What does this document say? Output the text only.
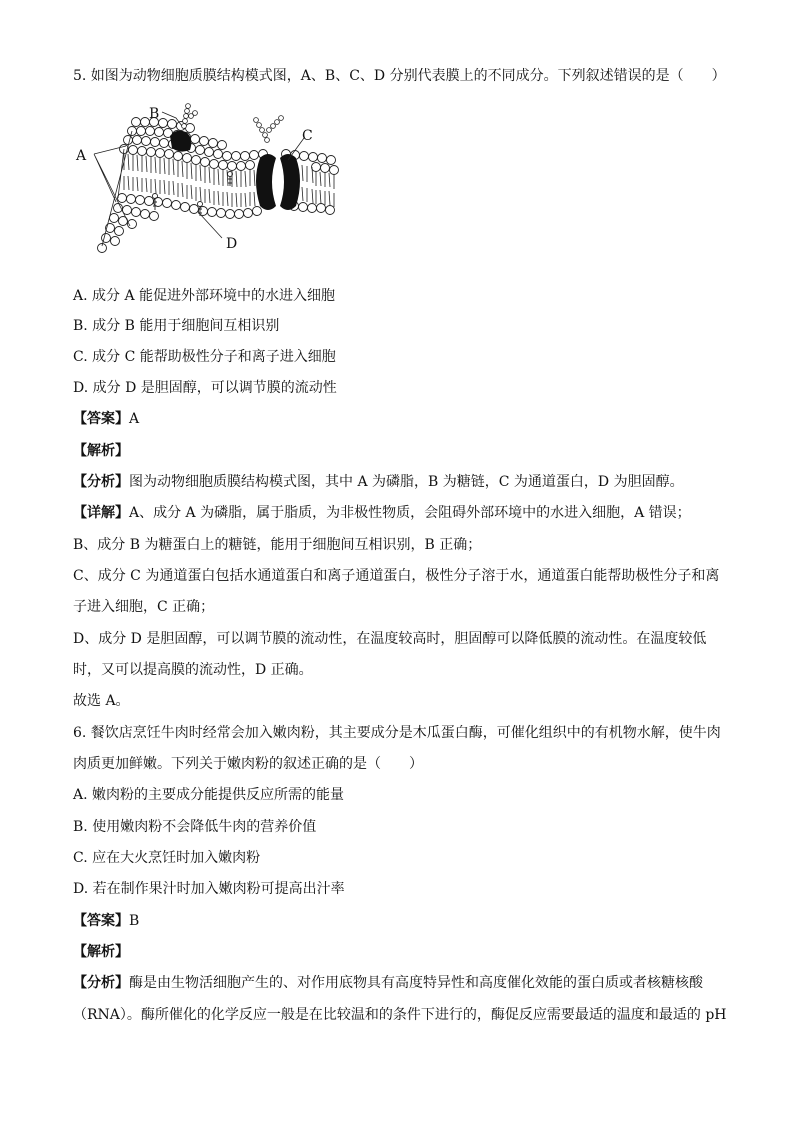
5. 如图为动物细胞质膜结构模式图，A、B、C、D 分别代表膜上的不同成分。下列叙述错误的是（　　）
A
B
C
D
A. 成分 A 能促进外部环境中的水进入细胞
B. 成分 B 能用于细胞间互相识别
C. 成分 C 能帮助极性分子和离子进入细胞
D. 成分 D 是胆固醇，可以调节膜的流动性
【答案】A
【解析】
【分析】图为动物细胞质膜结构模式图，其中 A 为磷脂，B 为糖链，C 为通道蛋白，D 为胆固醇。
【详解】A、成分 A 为磷脂，属于脂质，为非极性物质，会阻碍外部环境中的水进入细胞，A 错误；
B、成分 B 为糖蛋白上的糖链，能用于细胞间互相识别，B 正确；
C、成分 C 为通道蛋白包括水通道蛋白和离子通道蛋白，极性分子溶于水，通道蛋白能帮助极性分子和离
子进入细胞，C 正确；
D、成分 D 是胆固醇，可以调节膜的流动性，在温度较高时，胆固醇可以降低膜的流动性。在温度较低
时，又可以提高膜的流动性，D 正确。
故选 A。
6. 餐饮店烹饪牛肉时经常会加入嫩肉粉，其主要成分是木瓜蛋白酶，可催化组织中的有机物水解，使牛肉
肉质更加鲜嫩。下列关于嫩肉粉的叙述正确的是（　　）
A. 嫩肉粉的主要成分能提供反应所需的能量
B. 使用嫩肉粉不会降低牛肉的营养价值
C. 应在大火烹饪时加入嫩肉粉
D. 若在制作果汁时加入嫩肉粉可提高出汁率
【答案】B
【解析】
【分析】酶是由生物活细胞产生的、对作用底物具有高度特异性和高度催化效能的蛋白质或者核糖核酸
（RNA）。酶所催化的化学反应一般是在比较温和的条件下进行的，酶促反应需要最适的温度和最适的 pH
